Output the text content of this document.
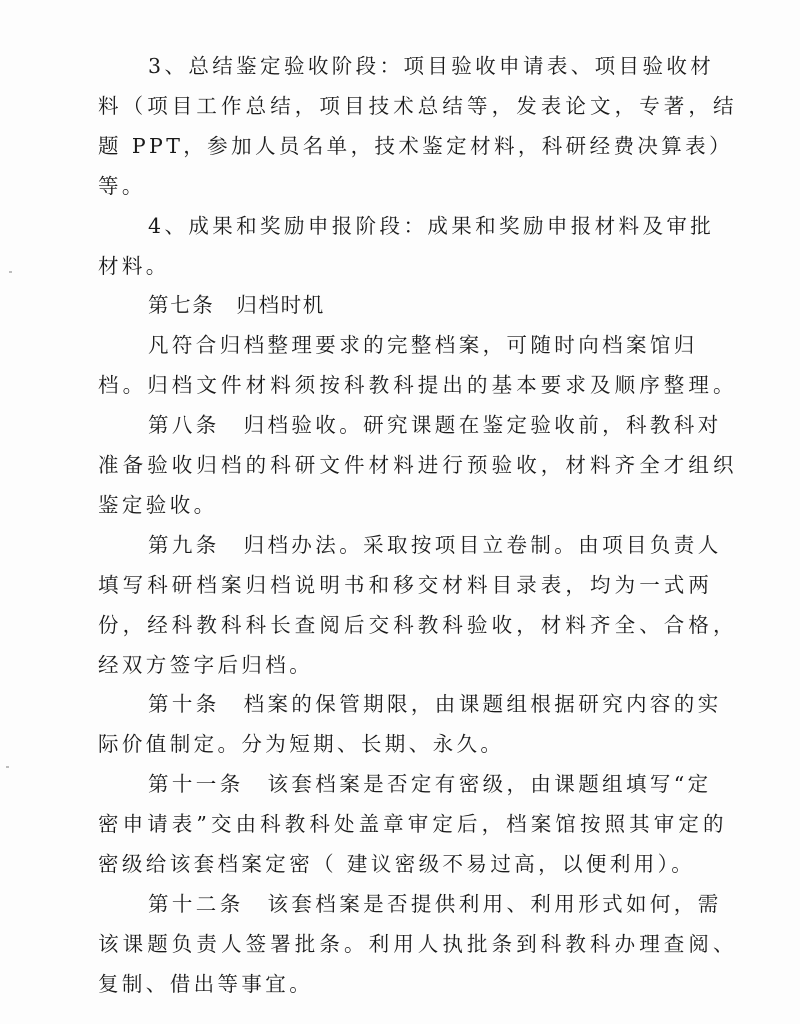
3、总结鉴定验收阶段：项目验收申请表、项目验收材
料（项目工作总结，项目技术总结等，发表论文，专著，结
题 PPT，参加人员名单，技术鉴定材料，科研经费决算表）
等。
4、成果和奖励申报阶段：成果和奖励申报材料及审批
材料。
第七条　归档时机
凡符合归档整理要求的完整档案，可随时向档案馆归
档。归档文件材料须按科教科提出的基本要求及顺序整理。
第八条　归档验收。研究课题在鉴定验收前，科教科对
准备验收归档的科研文件材料进行预验收，材料齐全才组织
鉴定验收。
第九条　归档办法。采取按项目立卷制。由项目负责人
填写科研档案归档说明书和移交材料目录表，均为一式两
份，经科教科科长查阅后交科教科验收，材料齐全、合格，
经双方签字后归档。
第十条　档案的保管期限，由课题组根据研究内容的实
际价值制定。分为短期、长期、永久。
第十一条　该套档案是否定有密级，由课题组填写“定
密申请表”交由科教科处盖章审定后，档案馆按照其审定的
密级给该套档案定密（ 建议密级不易过高，以便利用）。
第十二条　该套档案是否提供利用、利用形式如何，需
该课题负责人签署批条。利用人执批条到科教科办理查阅、
复制、借出等事宜。
